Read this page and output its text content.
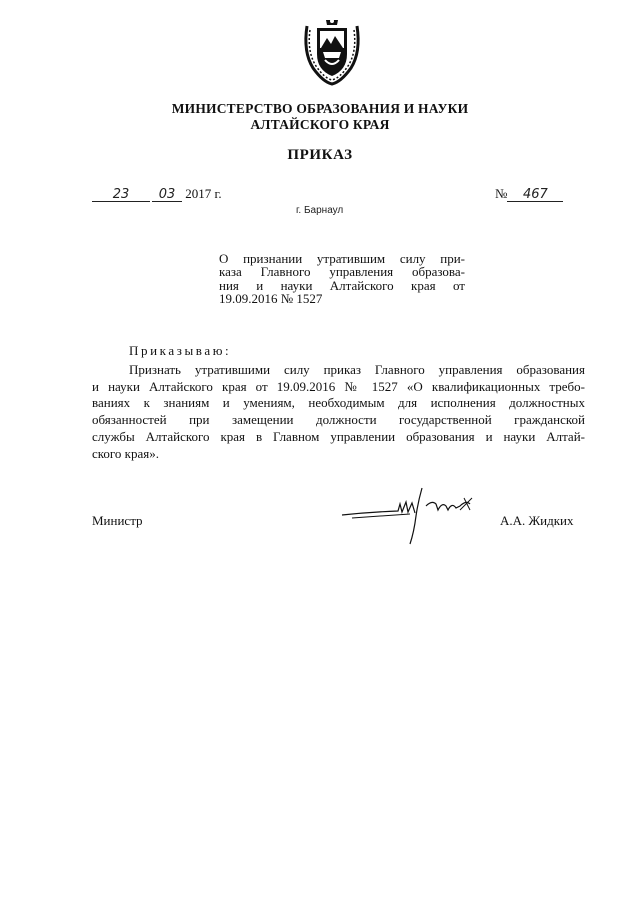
МИНИСТЕРСТВО ОБРАЗОВАНИЯ И НАУКИ
АЛТАЙСКОГО КРАЯ
ПРИКАЗ
23 03 2017 г.	№ 467
г. Барнаул
О признании утратившим силу при-
каза Главного управления образова-
ния и науки Алтайского края от
19.09.2016 № 1527
Приказываю:
Признать утратившими силу приказ Главного управления образования
и науки Алтайского края от 19.09.2016 № 1527 «О квалификационных требо-
ваниях к знаниям и умениям, необходимым для исполнения должностных
обязанностей при замещении должности государственной гражданской
службы Алтайского края в Главном управлении образования и науки Алтай-
ского края».
Министр	А.А. Жидких
